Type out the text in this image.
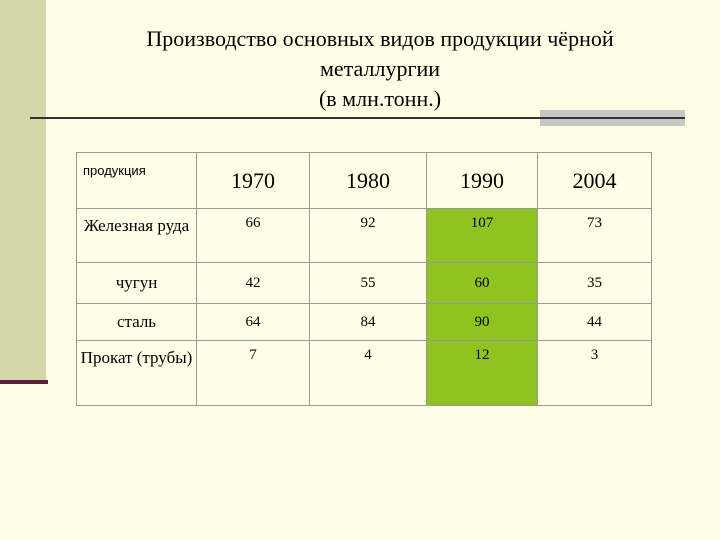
Производство основных видов продукции чёрной
металлургии
(в млн.тонн.)
продукция	1970	1980	1990	2004
Железная руда	66	92	107	73
чугун	42	55	60	35
сталь	64	84	90	44
Прокат (трубы)	7	4	12	3
